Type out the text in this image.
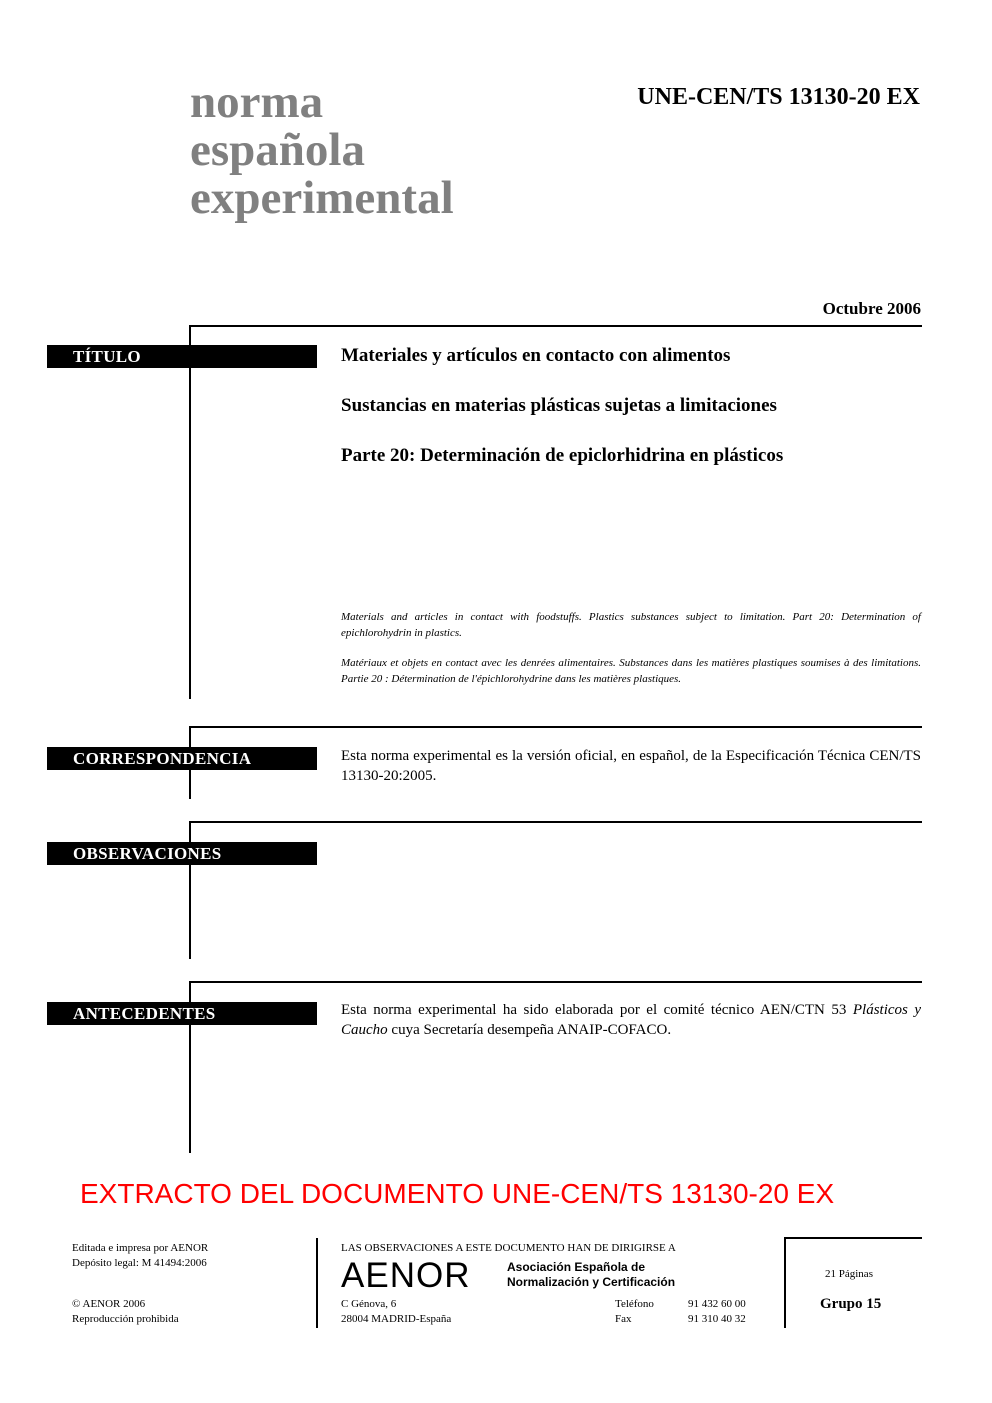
norma
española
experimental
UNE-CEN/TS 13130-20 EX
Octubre 2006
TÍTULO	Materiales y artículos en contacto con alimentos
Sustancias en materias plásticas sujetas a limitaciones
Parte 20: Determinación de epiclorhidrina en plásticos
Materials and articles in contact with foodstuffs. Plastics substances subject to limitation. Part 20: Determination of epichlorohydrin in plastics.
Matériaux et objets en contact avec les denrées alimentaires. Substances dans les matières plastiques soumises à des limitations. Partie 20 : Détermination de l'épichlorohydrine dans les matières plastiques.
CORRESPONDENCIA	Esta norma experimental es la versión oficial, en español, de la Especificación Técnica CEN/TS 13130-20:2005.
OBSERVACIONES
ANTECEDENTES	Esta norma experimental ha sido elaborada por el comité técnico AEN/CTN 53 Plásticos y Caucho cuya Secretaría desempeña ANAIP-COFACO.
EXTRACTO DEL DOCUMENTO UNE-CEN/TS 13130-20 EX
Editada e impresa por AENOR
Depósito legal: M 41494:2006
© AENOR 2006
Reproducción prohibida
LAS OBSERVACIONES A ESTE DOCUMENTO HAN DE DIRIGIRSE A
AENOR	Asociación Española de
Normalización y Certificación
C Génova, 6
28004 MADRID-España
Teléfono	91 432 60 00
Fax	91 310 40 32
21 Páginas
Grupo 15
